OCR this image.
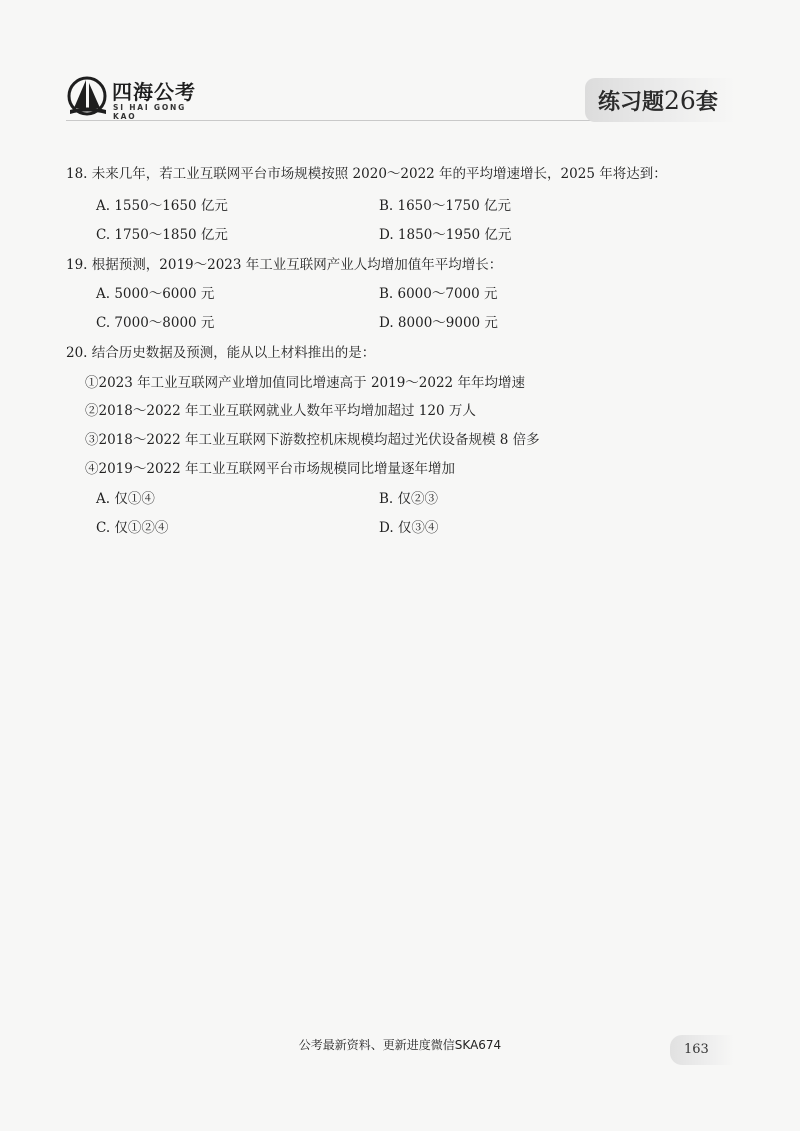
四海公考
SI HAI GONG KAO
练习题26套
18. 未来几年，若工业互联网平台市场规模按照 2020～2022 年的平均增速增长，2025 年将达到：
A. 1550～1650 亿元	B. 1650～1750 亿元
C. 1750～1850 亿元	D. 1850～1950 亿元
19. 根据预测，2019～2023 年工业互联网产业人均增加值年平均增长：
A. 5000～6000 元	B. 6000～7000 元
C. 7000～8000 元	D. 8000～9000 元
20. 结合历史数据及预测，能从以上材料推出的是：
①2023 年工业互联网产业增加值同比增速高于 2019～2022 年年均增速
②2018～2022 年工业互联网就业人数年平均增加超过 120 万人
③2018～2022 年工业互联网下游数控机床规模均超过光伏设备规模 8 倍多
④2019～2022 年工业互联网平台市场规模同比增量逐年增加
A. 仅①④	B. 仅②③
C. 仅①②④	D. 仅③④
公考最新资料、更新进度微信SKA674	163
